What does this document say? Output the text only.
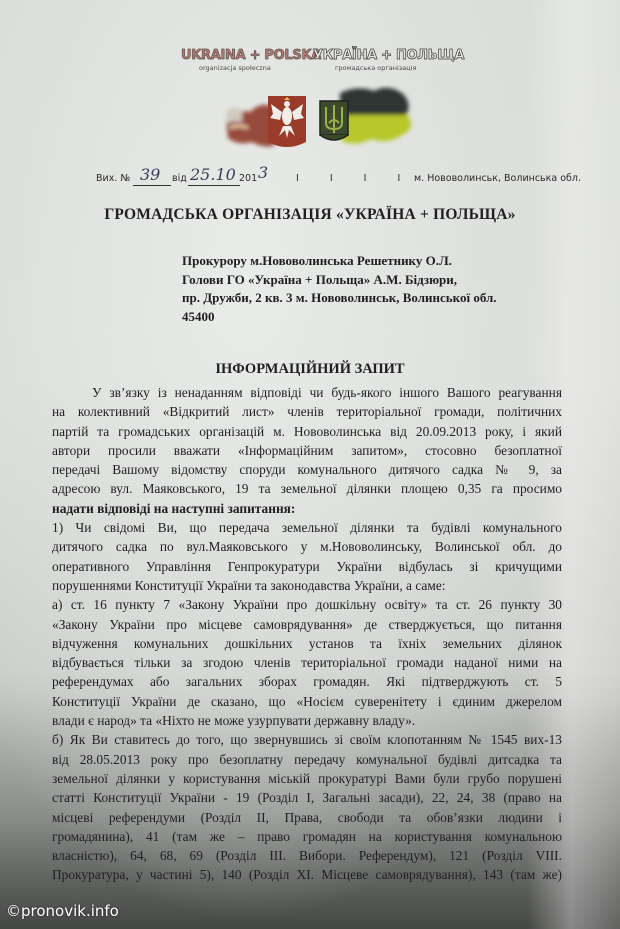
UKRAINA + POLSKA
organizacja społeczna
УКРАЇНА + ПОЛЬЩА
громадська організація
Вих. № 39 від 25.10 201 3	I I I I м. Нововолинськ, Волинська обл.
ГРОМАДСЬКА ОРГАНІЗАЦІЯ «УКРАЇНА + ПОЛЬЩА»
Прокурору м.Нововолинська Решетнику О.Л.
Голови ГО «Україна + Польща» А.М. Бідзюри,
пр. Дружби, 2 кв. 3 м. Нововолинськ, Волинської обл.
45400
ІНФОРМАЦІЙНИЙ ЗАПИТ
У зв’язку із ненаданням відповіді чи будь-якого іншого Вашого реагування
на колективний «Відкритий лист» членів територіальної громади, політичних
партій та громадських організацій м. Нововолинська від 20.09.2013 року, і який
автори просили вважати «Інформаційним запитом», стосовно безоплатної
передачі Вашому відомству споруди комунального дитячого садка № 9, за
адресою вул. Маяковського, 19 та земельної ділянки площею 0,35 га просимо
надати відповіді на наступні запитання:
1) Чи свідомі Ви, що передача земельної ділянки та будівлі комунального
дитячого садка по вул.Маяковського у м.Нововолинську, Волинської обл. до
оперативного Управління Генпрокуратури України відбулась зі кричущими
порушеннями Конституції України та законодавства України, а саме:
а) ст. 16 пункту 7 «Закону України про дошкільну освіту» та ст. 26 пункту 30
«Закону України про місцеве самоврядування» де стверджується, що питання
відчуження комунальних дошкільних установ та їхніх земельних ділянок
відбувається тільки за згодою членів територіальної громади наданої ними на
референдумах або загальних зборах громадян. Які підтверджують ст. 5
Конституції України де сказано, що «Носієм суверенітету і єдиним джерелом
влади є народ» та «Ніхто не може узурпувати державну владу».
б) Як Ви ставитесь до того, що звернувшись зі своїм клопотанням № 1545 вих-13
від 28.05.2013 року про безоплатну передачу комунальної будівлі дитсадка та
земельної ділянки у користування міській прокуратурі Вами були грубо порушені
статті Конституції України - 19 (Розділ І, Загальні засади), 22, 24, 38 (право на
місцеві референдуми (Розділ ІІ, Права, свободи та обов’язки людини і
громадянина), 41 (там же – право громадян на користування комунальною
власністю), 64, 68, 69 (Розділ ІІІ. Вибори. Референдум), 121 (Розділ VIII.
Прокуратура, у частині 5), 140 (Розділ XI. Місцеве самоврядування), 143 (там же)
©pronovik.info
